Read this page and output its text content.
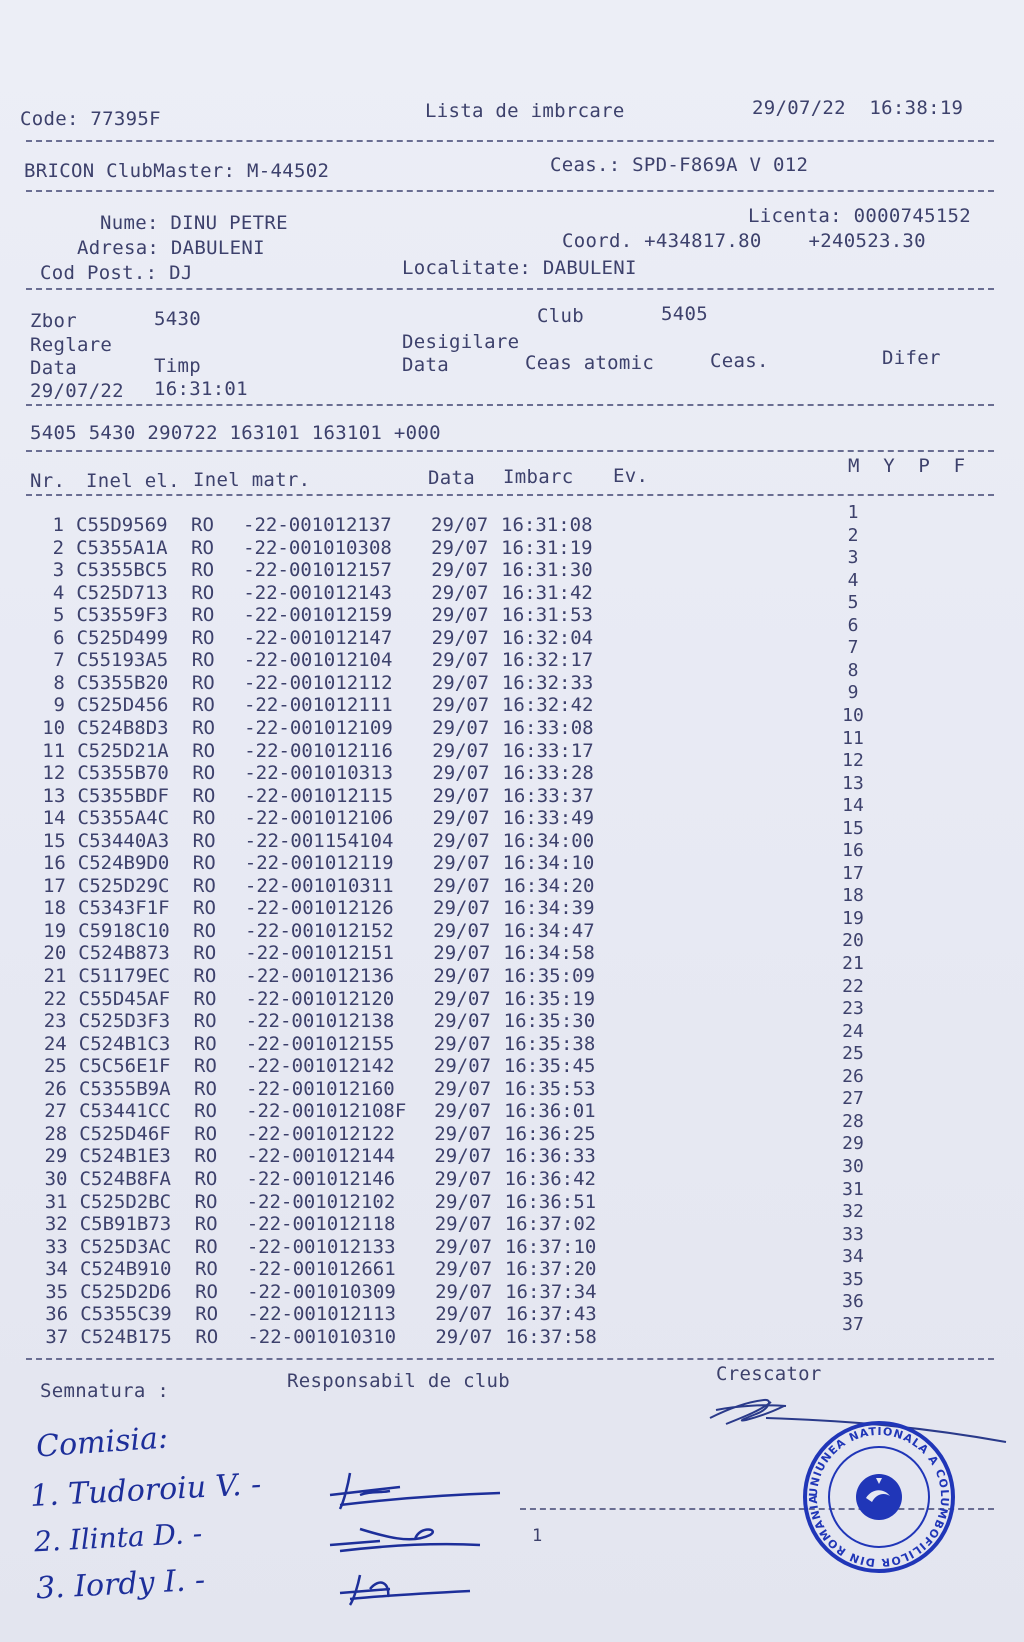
Code: 77395F	Lista de imbrcare	29/07/22  16:38:19
BRICON ClubMaster: M-44502	Ceas.: SPD-F869A V 012
Nume: DINU PETRE
Adresa: DABULENI
Cod Post.: DJ
Licenta: 0000745152
Coord. +434817.80    +240523.30
Localitate: DABULENI
Zbor	5430	Club	5405
Reglare	Desigilare
Data	Timp	Data	Ceas atomic	Ceas.	Difer
29/07/22 16:31:01
5405 5430 290722 163101 163101 +000
Nr. Inel el. Inel matr.	Data Imbarc Ev.	M  Y  P  F
1 C55D9569 RO -22-001012137 29/07 16:31:08
1
2 C5355A1A RO -22-001010308 29/07 16:31:19
2
3 C5355BC5 RO -22-001012157 29/07 16:31:30
3
4 C525D713 RO -22-001012143 29/07 16:31:42
4
5 C53559F3 RO -22-001012159 29/07 16:31:53
5
6 C525D499 RO -22-001012147 29/07 16:32:04
6
7 C55193A5 RO -22-001012104 29/07 16:32:17
7
8 C5355B20 RO -22-001012112 29/07 16:32:33
8
9 C525D456 RO -22-001012111 29/07 16:32:42
9
10 C524B8D3 RO -22-001012109 29/07 16:33:08
10
11 C525D21A RO -22-001012116 29/07 16:33:17
11
12 C5355B70 RO -22-001010313 29/07 16:33:28
12
13 C5355BDF RO -22-001012115 29/07 16:33:37
13
14 C5355A4C RO -22-001012106 29/07 16:33:49
14
15 C53440A3 RO -22-001154104 29/07 16:34:00
15
16 C524B9D0 RO -22-001012119 29/07 16:34:10
16
17 C525D29C RO -22-001010311 29/07 16:34:20
17
18 C5343F1F RO -22-001012126 29/07 16:34:39
18
19 C5918C10 RO -22-001012152 29/07 16:34:47
19
20 C524B873 RO -22-001012151 29/07 16:34:58
20
21 C51179EC RO -22-001012136 29/07 16:35:09
21
22 C55D45AF RO -22-001012120 29/07 16:35:19
22
23 C525D3F3 RO -22-001012138 29/07 16:35:30
23
24 C524B1C3 RO -22-001012155 29/07 16:35:38
24
25 C5C56E1F RO -22-001012142 29/07 16:35:45
25
26 C5355B9A RO -22-001012160 29/07 16:35:53
26
27 C53441CC RO -22-001012108F 29/07 16:36:01
27
28 C525D46F RO -22-001012122 29/07 16:36:25
28
29 C524B1E3 RO -22-001012144 29/07 16:36:33
29
30 C524B8FA RO -22-001012146 29/07 16:36:42
30
31 C525D2BC RO -22-001012102 29/07 16:36:51
31
32 C5B91B73 RO -22-001012118 29/07 16:37:02
32
33 C525D3AC RO -22-001012133 29/07 16:37:10
33
34 C524B910 RO -22-001012661 29/07 16:37:20
34
35 C525D2D6 RO -22-001010309 29/07 16:37:34
35
36 C5355C39 RO -22-001012113 29/07 16:37:43
36
37 C524B175 RO -22-001010310 29/07 16:37:58
37
Semnatura :	Responsabil de club	Crescator
1
Comisia:
1. Tudoroiu V. -
2. Ilinta D. -
3. Iordy I. -
UNIUNEA NATIONALA A COLUMBOFILILOR DIN ROMANIA
